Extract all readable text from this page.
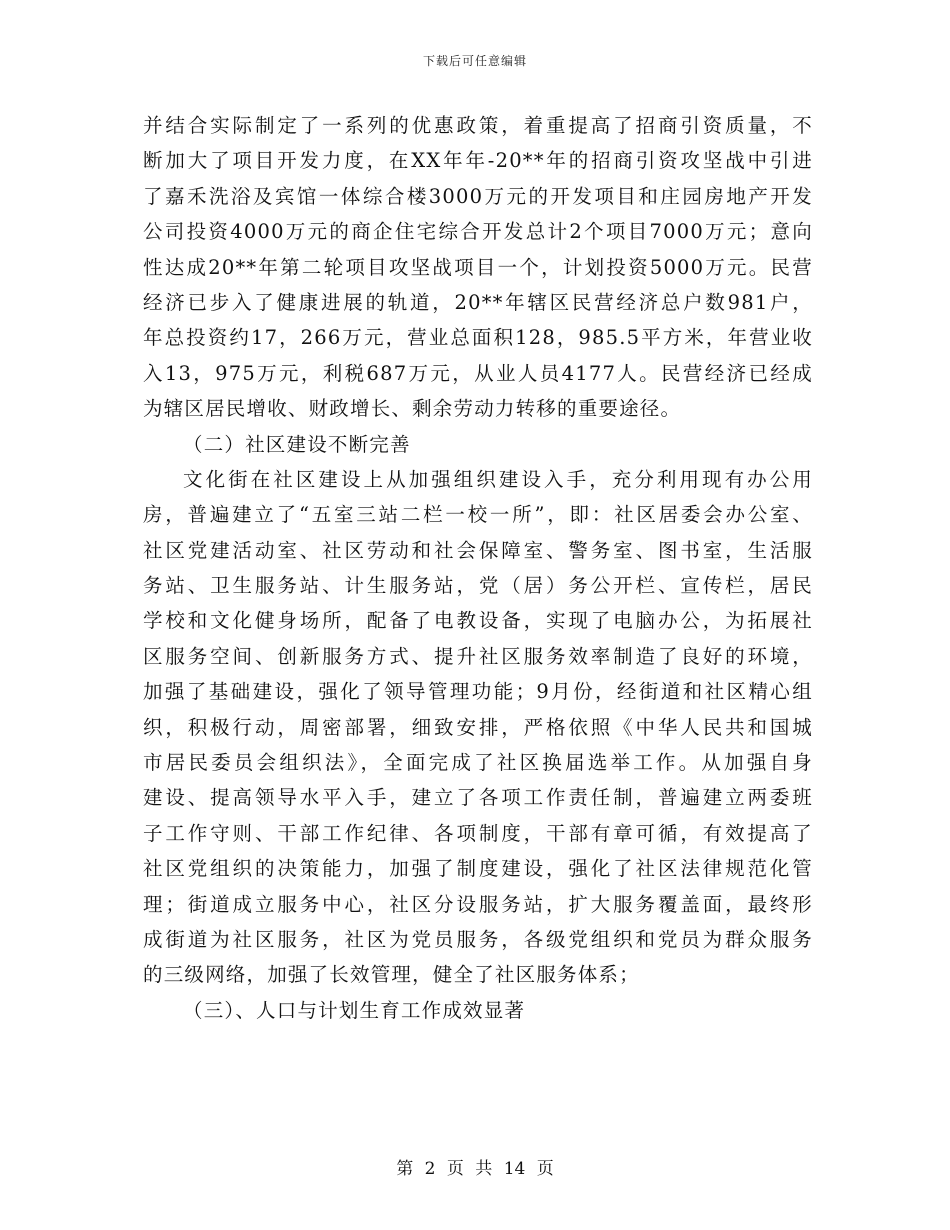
下载后可任意编辑
并结合实际制定了一系列的优惠政策，着重提高了招商引资质量，不
断加大了项目开发力度，在XX年年-20**年的招商引资攻坚战中引进
了嘉禾洗浴及宾馆一体综合楼3000万元的开发项目和庄园房地产开发
公司投资4000万元的商企住宅综合开发总计2个项目7000万元；意向
性达成20**年第二轮项目攻坚战项目一个，计划投资5000万元。民营
经济已步入了健康进展的轨道，20**年辖区民营经济总户数981户，
年总投资约17，266万元，营业总面积128，985.5平方米，年营业收
入13，975万元，利税687万元，从业人员4177人。民营经济已经成
为辖区居民增收、财政增长、剩余劳动力转移的重要途径。
（二）社区建设不断完善
文化街在社区建设上从加强组织建设入手，充分利用现有办公用
房，普遍建立了“五室三站二栏一校一所”，即：社区居委会办公室、
社区党建活动室、社区劳动和社会保障室、警务室、图书室，生活服
务站、卫生服务站、计生服务站，党（居）务公开栏、宣传栏，居民
学校和文化健身场所，配备了电教设备，实现了电脑办公，为拓展社
区服务空间、创新服务方式、提升社区服务效率制造了良好的环境，
加强了基础建设，强化了领导管理功能；9月份，经街道和社区精心组
织，积极行动，周密部署，细致安排，严格依照《中华人民共和国城
市居民委员会组织法》，全面完成了社区换届选举工作。从加强自身
建设、提高领导水平入手，建立了各项工作责任制，普遍建立两委班
子工作守则、干部工作纪律、各项制度，干部有章可循，有效提高了
社区党组织的决策能力，加强了制度建设，强化了社区法律规范化管
理；街道成立服务中心，社区分设服务站，扩大服务覆盖面，最终形
成街道为社区服务，社区为党员服务，各级党组织和党员为群众服务
的三级网络，加强了长效管理，健全了社区服务体系；
（三）、人口与计划生育工作成效显著
第 2 页 共 14 页
